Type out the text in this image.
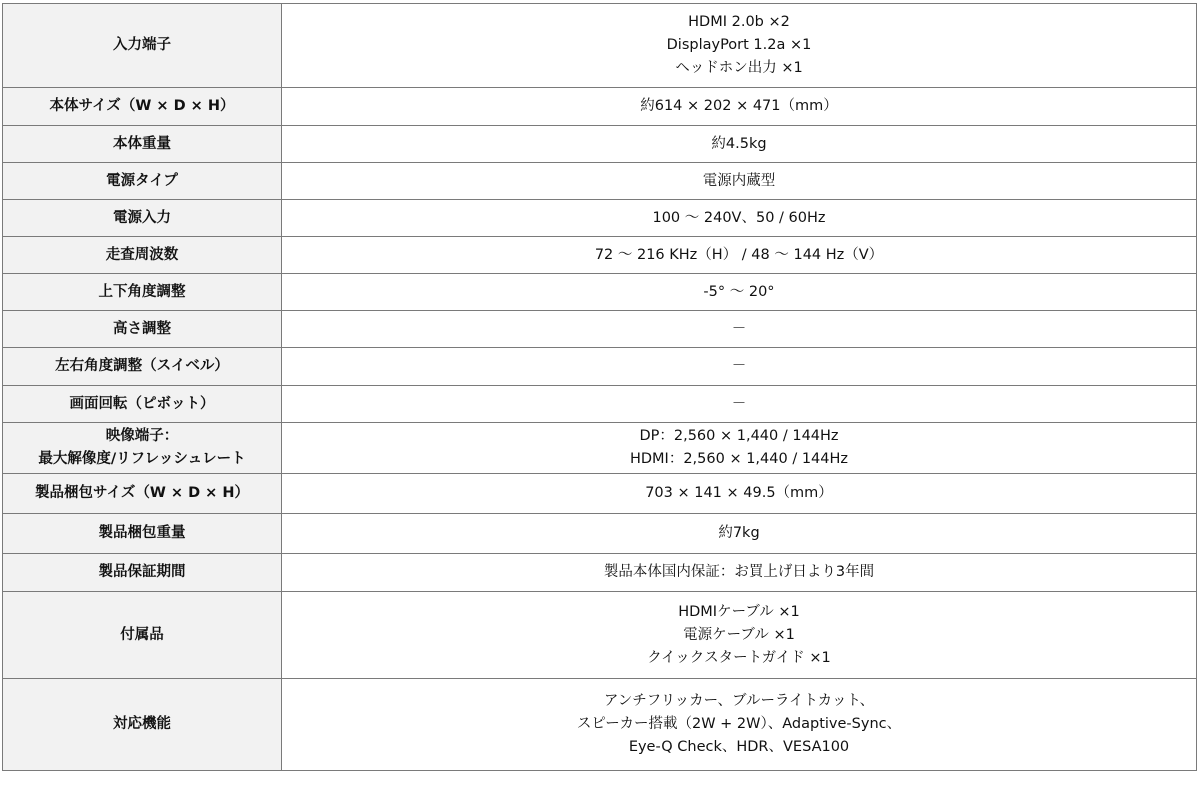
入力端子	HDMI 2.0b ×2
DisplayPort 1.2a ×1
ヘッドホン出力 ×1

本体サイズ（W × D × H）	約614 × 202 × 471（mm）

本体重量	約4.5kg

電源タイプ	電源内蔵型

電源入力	100 ～ 240V、50 / 60Hz

走査周波数	72 ～ 216 KHz（H） / 48 ～ 144 Hz（V）

上下角度調整	-5° ～ 20°

高さ調整	－

左右角度調整（スイベル）	－

画面回転（ピボット）	－

映像端子：
最大解像度/リフレッシュレート	DP：2,560 × 1,440 / 144Hz
HDMI：2,560 × 1,440 / 144Hz

製品梱包サイズ（W × D × H）	703 × 141 × 49.5（mm）

製品梱包重量	約7kg

製品保証期間	製品本体国内保証：お買上げ日より3年間

付属品	HDMIケーブル ×1
電源ケーブル ×1
クイックスタートガイド ×1

対応機能	アンチフリッカー、ブルーライトカット、
スピーカー搭載（2W + 2W）、Adaptive-Sync、
Eye-Q Check、HDR、VESA100
